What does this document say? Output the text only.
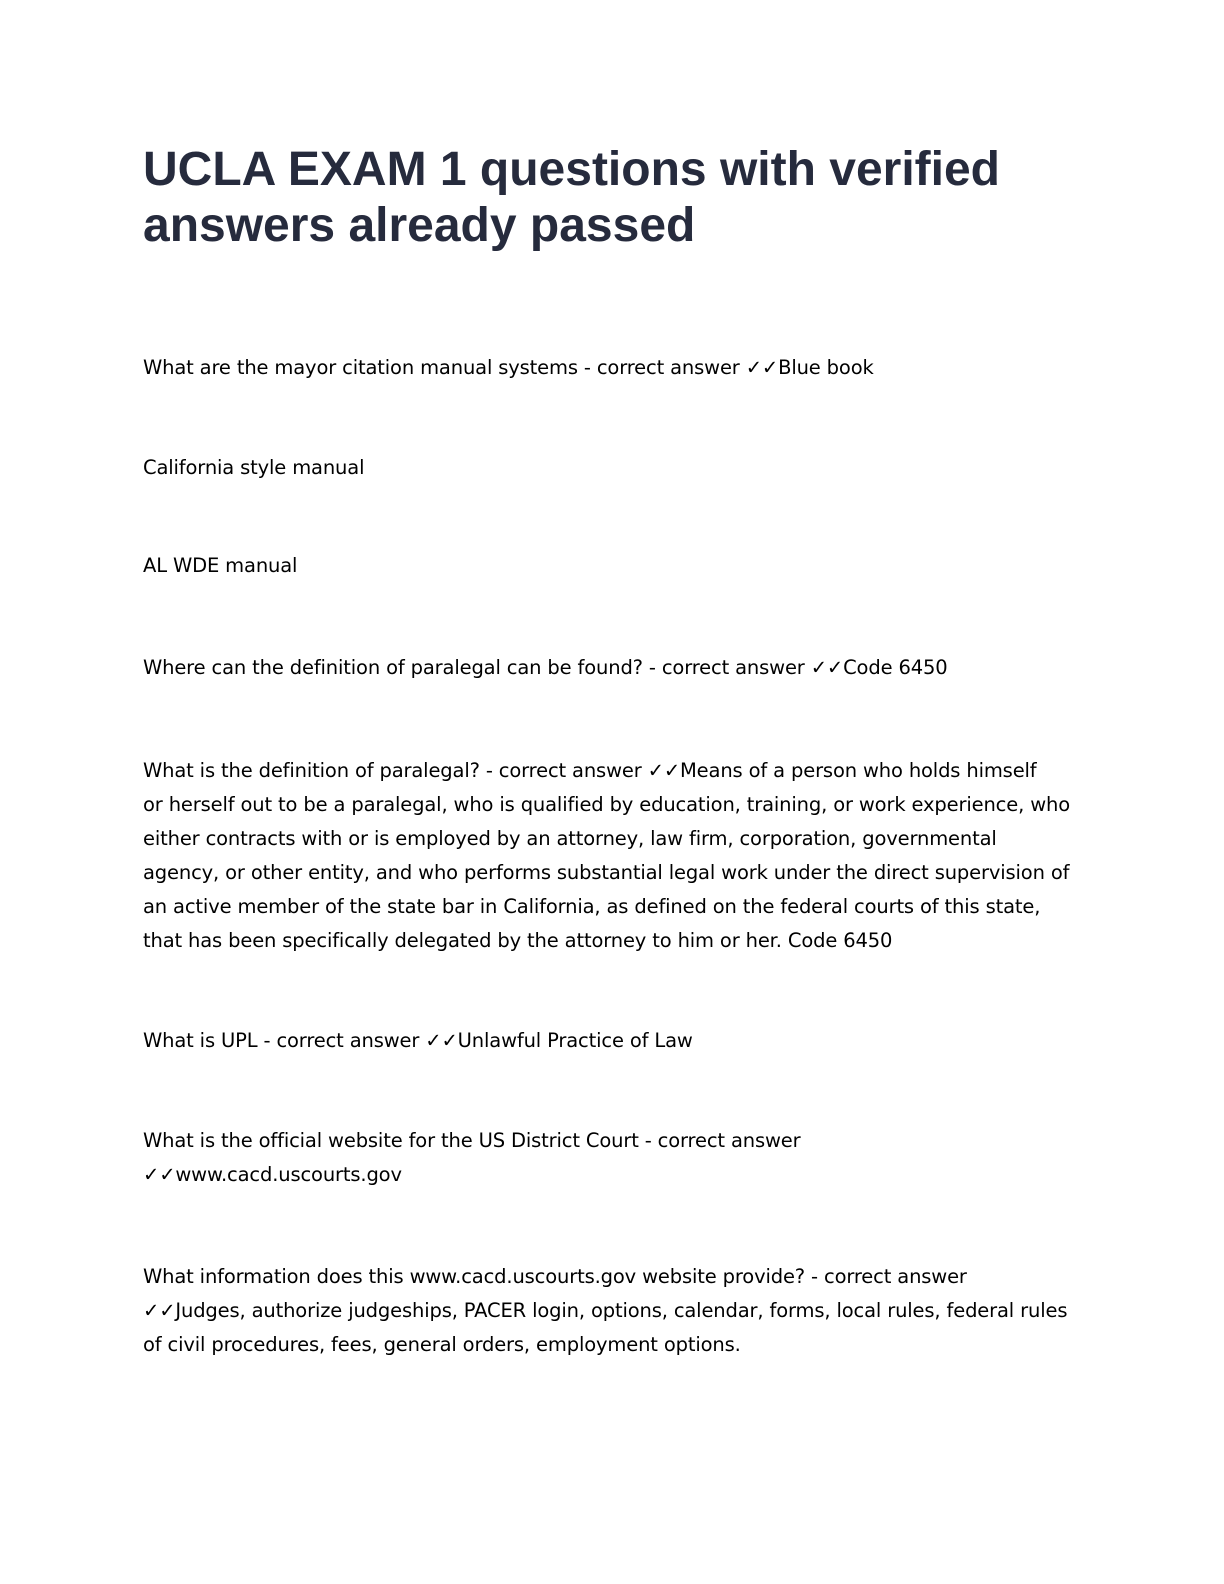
UCLA EXAM 1 questions with verified
answers already passed

What are the mayor citation manual systems - correct answer ✓✓Blue book

California style manual

AL WDE manual

Where can the definition of paralegal can be found? - correct answer ✓✓Code 6450

What is the definition of paralegal? - correct answer ✓✓Means of a person who holds himself
or herself out to be a paralegal, who is qualified by education, training, or work experience, who
either contracts with or is employed by an attorney, law firm, corporation, governmental
agency, or other entity, and who performs substantial legal work under the direct supervision of
an active member of the state bar in California, as defined on the federal courts of this state,
that has been specifically delegated by the attorney to him or her. Code 6450

What is UPL - correct answer ✓✓Unlawful Practice of Law

What is the official website for the US District Court - correct answer
✓✓www.cacd.uscourts.gov

What information does this www.cacd.uscourts.gov website provide? - correct answer
✓✓Judges, authorize judgeships, PACER login, options, calendar, forms, local rules, federal rules
of civil procedures, fees, general orders, employment options.
